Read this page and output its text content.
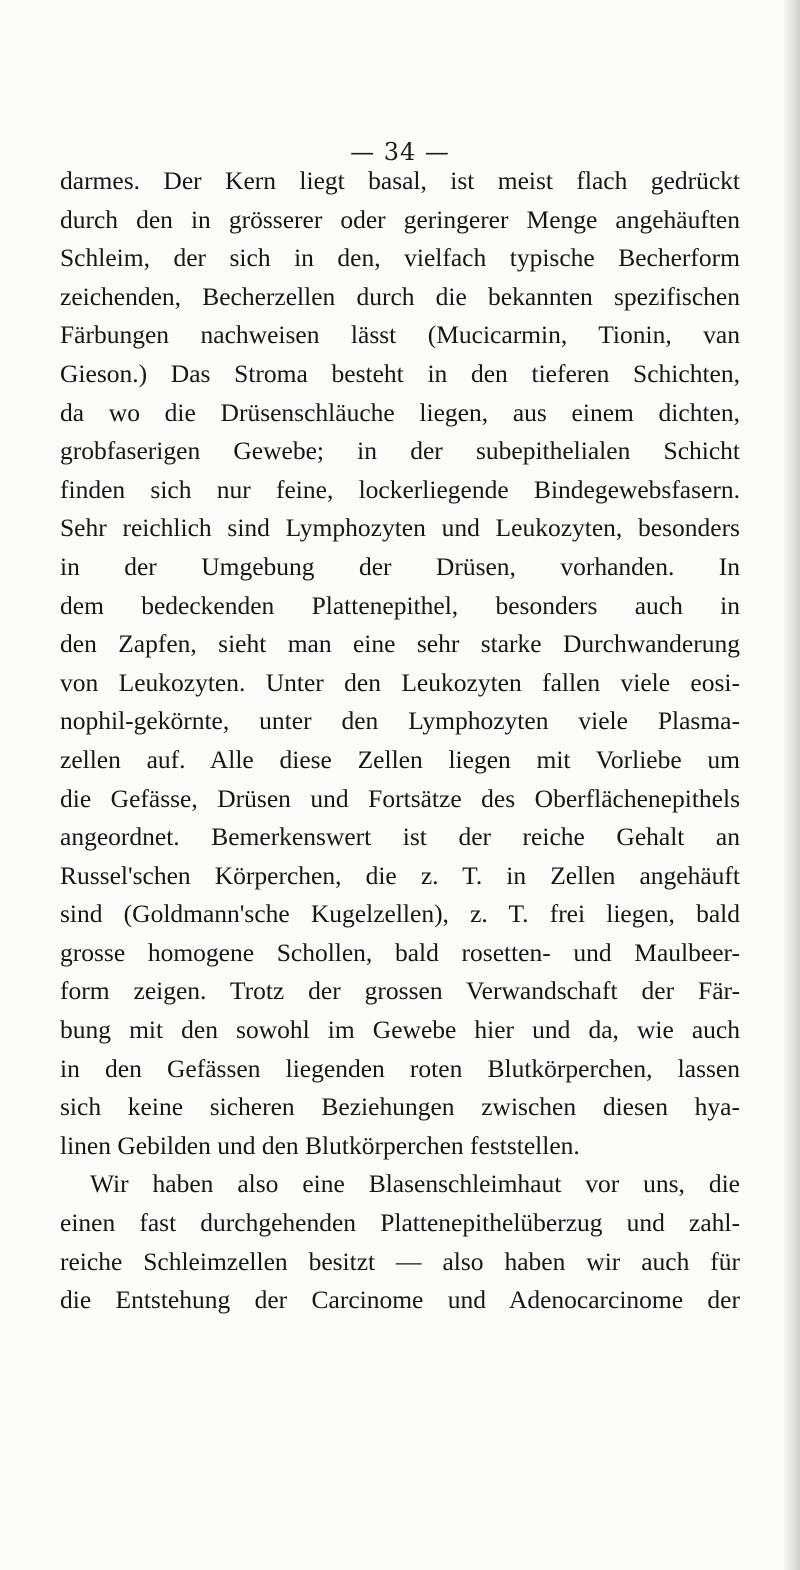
— 34 —
darmes. Der Kern liegt basal, ist meist flach gedrückt
durch den in grösserer oder geringerer Menge angehäuften
Schleim, der sich in den, vielfach typische Becherform
zeichenden, Becherzellen durch die bekannten spezifischen
Färbungen nachweisen lässt (Mucicarmin, Tionin, van
Gieson.) Das Stroma besteht in den tieferen Schichten,
da wo die Drüsenschläuche liegen, aus einem dichten,
grobfaserigen Gewebe; in der subepithelialen Schicht
finden sich nur feine, lockerliegende Bindegewebsfasern.
Sehr reichlich sind Lymphozyten und Leukozyten, besonders
in der Umgebung der Drüsen, vorhanden. In
dem bedeckenden Plattenepithel, besonders auch in
den Zapfen, sieht man eine sehr starke Durchwanderung
von Leukozyten. Unter den Leukozyten fallen viele eosi-
nophil-gekörnte, unter den Lymphozyten viele Plasma-
zellen auf. Alle diese Zellen liegen mit Vorliebe um
die Gefässe, Drüsen und Fortsätze des Oberflächenepithels
angeordnet. Bemerkenswert ist der reiche Gehalt an
Russel'schen Körperchen, die z. T. in Zellen angehäuft
sind (Goldmann'sche Kugelzellen), z. T. frei liegen, bald
grosse homogene Schollen, bald rosetten- und Maulbeer-
form zeigen. Trotz der grossen Verwandschaft der Fär-
bung mit den sowohl im Gewebe hier und da, wie auch
in den Gefässen liegenden roten Blutkörperchen, lassen
sich keine sicheren Beziehungen zwischen diesen hya-
linen Gebilden und den Blutkörperchen feststellen.
Wir haben also eine Blasenschleimhaut vor uns, die
einen fast durchgehenden Plattenepithelüberzug und zahl-
reiche Schleimzellen besitzt — also haben wir auch für
die Entstehung der Carcinome und Adenocarcinome der
